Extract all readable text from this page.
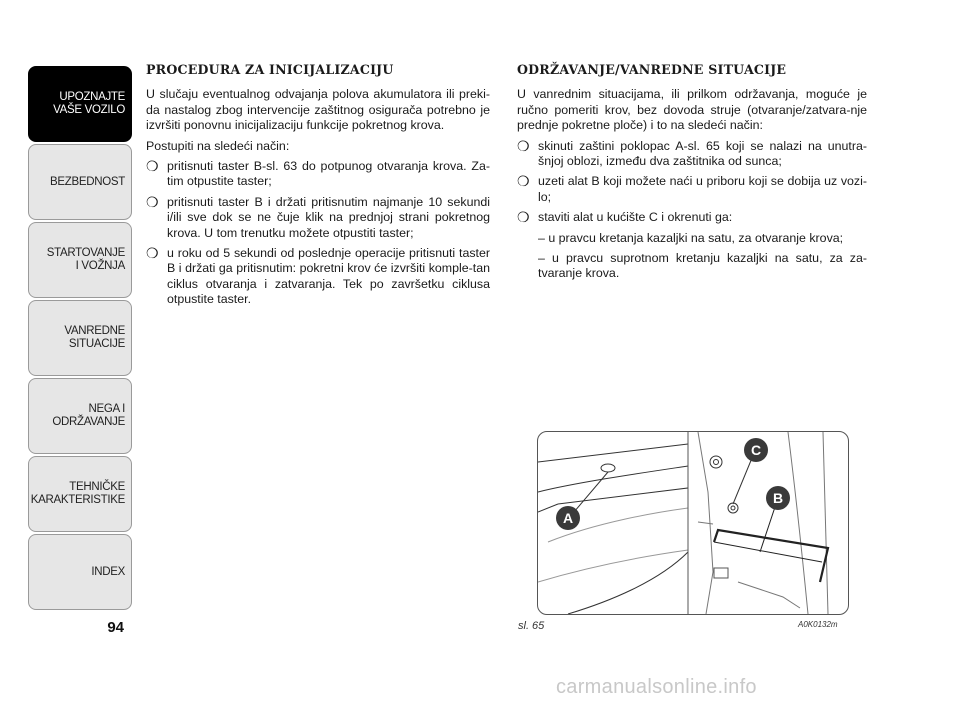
UPOZNAJTE
VAŠE VOZILO
BEZBEDNOST
STARTOVANJE
I VOŽNJA
VANREDNE
SITUACIJE
NEGA I
ODRŽAVANJE
TEHNIČKE
KARAKTERISTIKE
INDEX
94
PROCEDURA ZA INICIJALIZACIJU

U slučaju eventualnog odvajanja polova akumulatora ili preki-da nastalog zbog intervencije zaštitnog osigurača potrebno je izvršiti ponovnu inicijalizaciju funkcije pokretnog krova.

Postupiti na sledeći način:

❍ pritisnuti taster B-sl. 63 do potpunog otvaranja krova. Za-tim otpustite taster;
❍ pritisnuti taster B i držati pritisnutim najmanje 10 sekundi i/ili sve dok se ne čuje klik na prednjoj strani pokretnog krova. U tom trenutku možete otpustiti taster;
❍ u roku od 5 sekundi od poslednje operacije pritisnuti taster B i držati ga pritisnutim: pokretni krov će izvršiti komple-tan ciklus otvaranja i zatvaranja. Tek po završetku ciklusa otpustite taster.
ODRŽAVANJE/VANREDNE SITUACIJE

U vanrednim situacijama, ili prilkom održavanja, moguće je ručno pomeriti krov, bez dovoda struje (otvaranje/zatvara-nje prednje pokretne ploče) i to na sledeći način:

❍ skinuti zaštini poklopac A-sl. 65 koji se nalazi na unutra-šnjoj oblozi, između dva zaštitnika od sunca;
❍ uzeti alat B koji možete naći u priboru koji se dobija uz vozi-lo;
❍ staviti alat u kućište C i okrenuti ga:
– u pravcu kretanja kazaljki na satu, za otvaranje krova;
– u pravcu suprotnom kretanju kazaljki na satu, za za-tvaranje krova.
A
B
C
sl. 65	A0K0132m
carmanualsonline.info
